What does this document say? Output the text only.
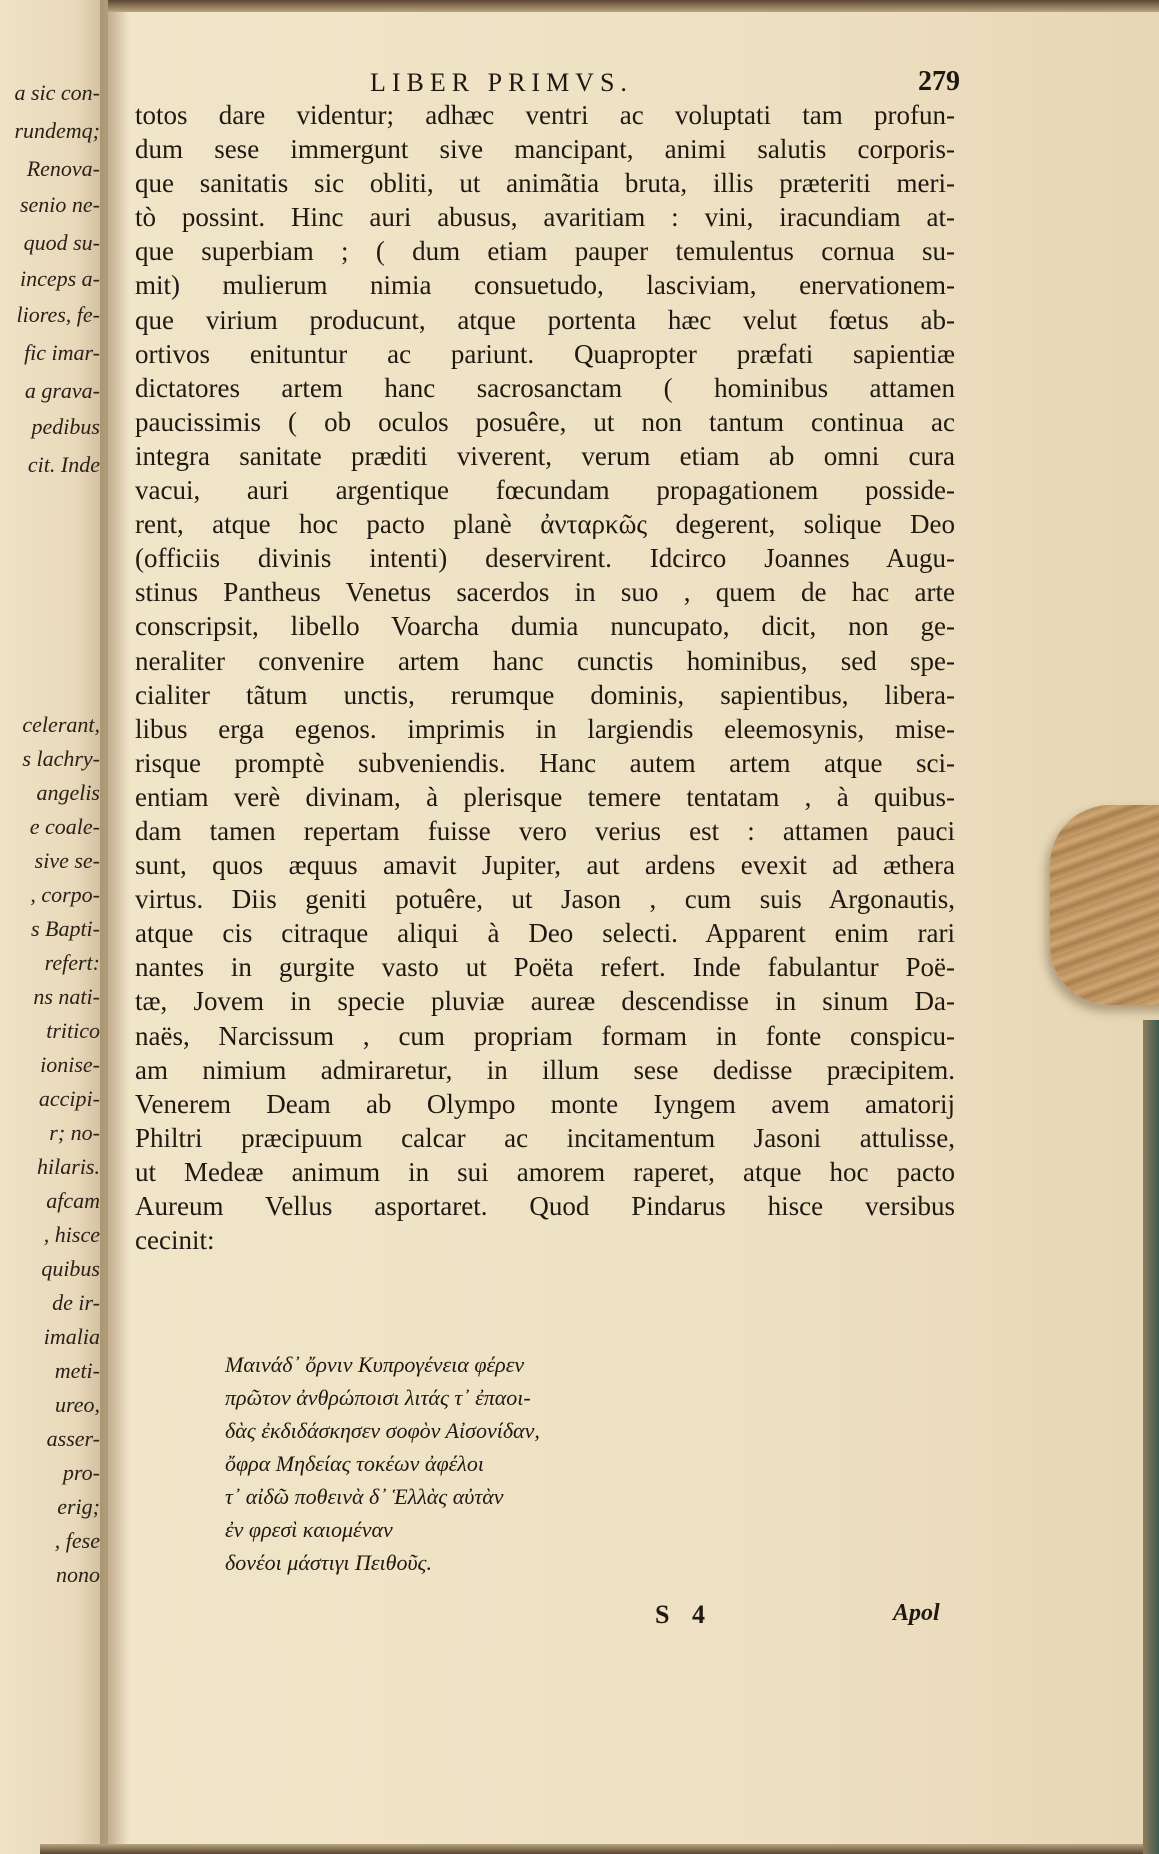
a sic con-
rundemq;
Renova-
senio ne-
quod su-
inceps a-
liores, fe-
fic imar-
a grava-
pedibus
cit. Inde
celerant,
s lachry-
angelis
e coale-
sive se-
, corpo-
s Bapti-
refert:
ns nati-
tritico
ionise-
accipi-
r; no-
hilaris.
afcam
, hisce
quibus
de ir-
imalia
meti-
ureo,
asser-
pro-
erig;
, fese
nono
LIBER PRIMVS.	279
totos dare videntur; adhæc ventri ac voluptati tam profun-
dum sese immergunt sive mancipant, animi salutis corporis-
que sanitatis sic obliti, ut animãtia bruta, illis præteriti meri-
tò possint. Hinc auri abusus, avaritiam : vini, iracundiam at-
que superbiam ; ( dum etiam pauper temulentus cornua su-
mit) mulierum nimia consuetudo, lasciviam, enervationem-
que virium producunt, atque portenta hæc velut fœtus ab-
ortivos enituntur ac pariunt. Quapropter præfati sapientiæ
dictatores artem hanc sacrosanctam ( hominibus attamen
paucissimis ( ob oculos posuêre, ut non tantum continua ac
integra sanitate præditi viverent, verum etiam ab omni cura
vacui, auri argentique fœcundam propagationem posside-
rent, atque hoc pacto planè ἀνταρκῶς degerent, solique Deo
(officiis divinis intenti) deservirent. Idcirco Joannes Augu-
stinus Pantheus Venetus sacerdos in suo , quem de hac arte
conscripsit, libello Voarcha dumia nuncupato, dicit, non ge-
neraliter convenire artem hanc cunctis hominibus, sed spe-
cialiter tãtum unctis, rerumque dominis, sapientibus, libera-
libus erga egenos. imprimis in largiendis eleemosynis, mise-
risque promptè subveniendis. Hanc autem artem atque sci-
entiam verè divinam, à plerisque temere tentatam , à quibus-
dam tamen repertam fuisse vero verius est : attamen pauci
sunt, quos æquus amavit Jupiter, aut ardens evexit ad æthera
virtus. Diis geniti potuêre, ut Jason , cum suis Argonautis,
atque cis citraque aliqui à Deo selecti. Apparent enim rari
nantes in gurgite vasto ut Poëta refert. Inde fabulantur Poë-
tæ, Jovem in specie pluviæ aureæ descendisse in sinum Da-
naës, Narcissum , cum propriam formam in fonte conspicu-
am nimium admiraretur, in illum sese dedisse præcipitem.
Venerem Deam ab Olympo monte Iyngem avem amatorij
Philtri præcipuum calcar ac incitamentum Jasoni attulisse,
ut Medeæ animum in sui amorem raperet, atque hoc pacto
Aureum Vellus asportaret. Quod Pindarus hisce versibus
cecinit:
Μαινάδ᾽ ὄρνιν Κυπρογένεια φέρεν
πρῶτον ἀνθρώποισι λιτάς τ᾽ ἐπαοι-
δὰς ἐκδιδάσκησεν σοφὸν Αἰσονίδαν,
ὄφρα Μηδείας τοκέων ἀφέλοι
τ᾽ αἰδῶ ποθεινὰ δ᾽ Ἑλλὰς αὐτὰν
ἐν φρεσὶ καιομέναν
δονέοι μάστιγι Πειθοῦς.
S 4	Apol
